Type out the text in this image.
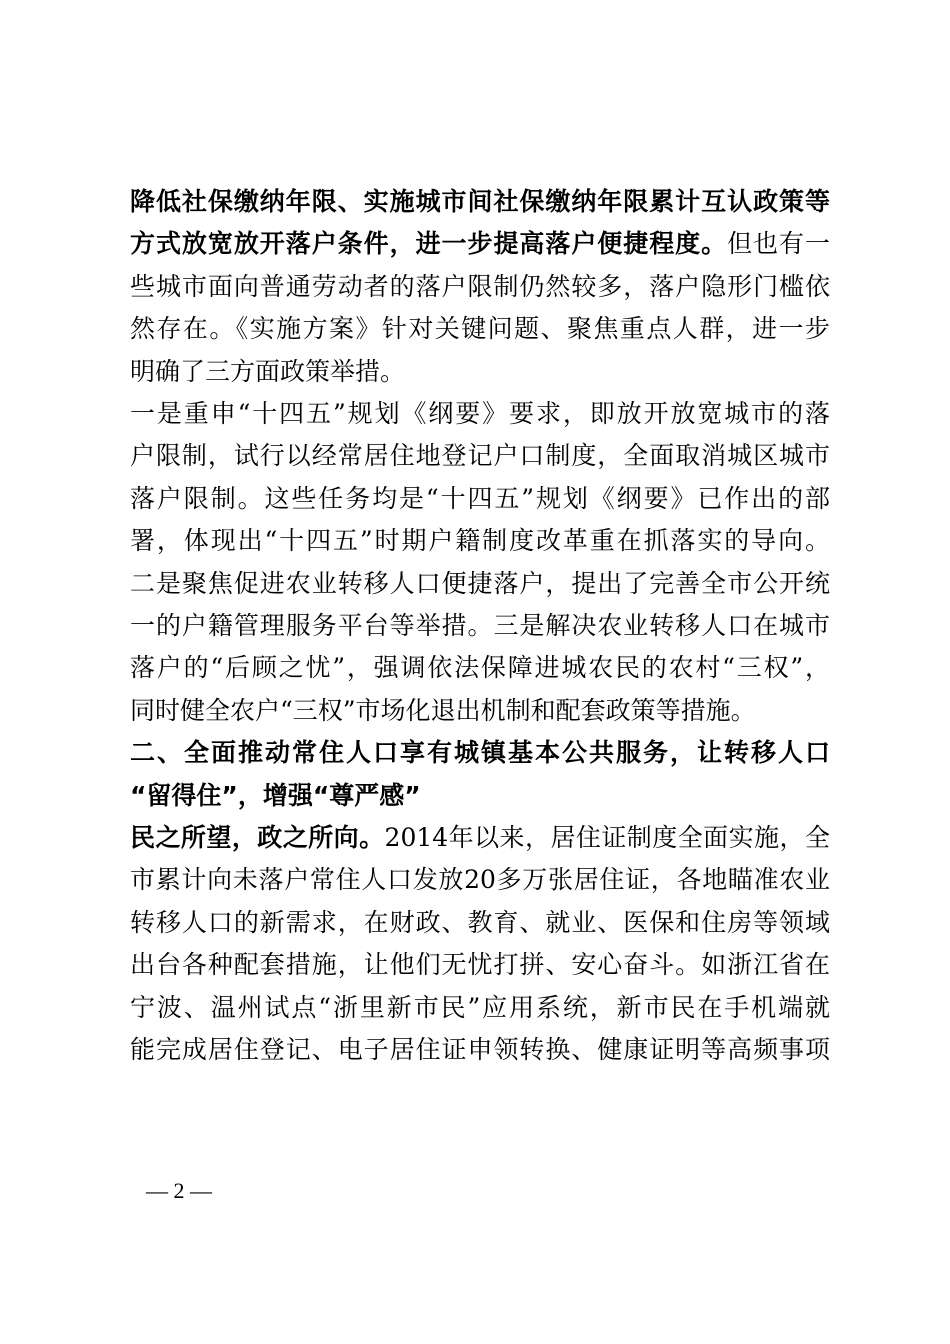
降低社保缴纳年限、实施城市间社保缴纳年限累计互认政策等
方式放宽放开落户条件，进一步提高落户便捷程度。但也有一
些城市面向普通劳动者的落户限制仍然较多，落户隐形门槛依
然存在。《实施方案》针对关键问题、聚焦重点人群，进一步
明确了三方面政策举措。
一是重申“十四五”规划《纲要》要求，即放开放宽城市的落
户限制，试行以经常居住地登记户口制度，全面取消城区城市
落户限制。这些任务均是“十四五”规划《纲要》已作出的部
署，体现出“十四五”时期户籍制度改革重在抓落实的导向。
二是聚焦促进农业转移人口便捷落户，提出了完善全市公开统
一的户籍管理服务平台等举措。三是解决农业转移人口在城市
落户的“后顾之忧”，强调依法保障进城农民的农村“三权”，
同时健全农户“三权”市场化退出机制和配套政策等措施。
二、全面推动常住人口享有城镇基本公共服务，让转移人口
“留得住”，增强“尊严感”
民之所望，政之所向。2014年以来，居住证制度全面实施，全
市累计向未落户常住人口发放20多万张居住证，各地瞄准农业
转移人口的新需求，在财政、教育、就业、医保和住房等领域
出台各种配套措施，让他们无忧打拼、安心奋斗。如浙江省在
宁波、温州试点“浙里新市民”应用系统，新市民在手机端就
能完成居住登记、电子居住证申领转换、健康证明等高频事项
— 2 —
